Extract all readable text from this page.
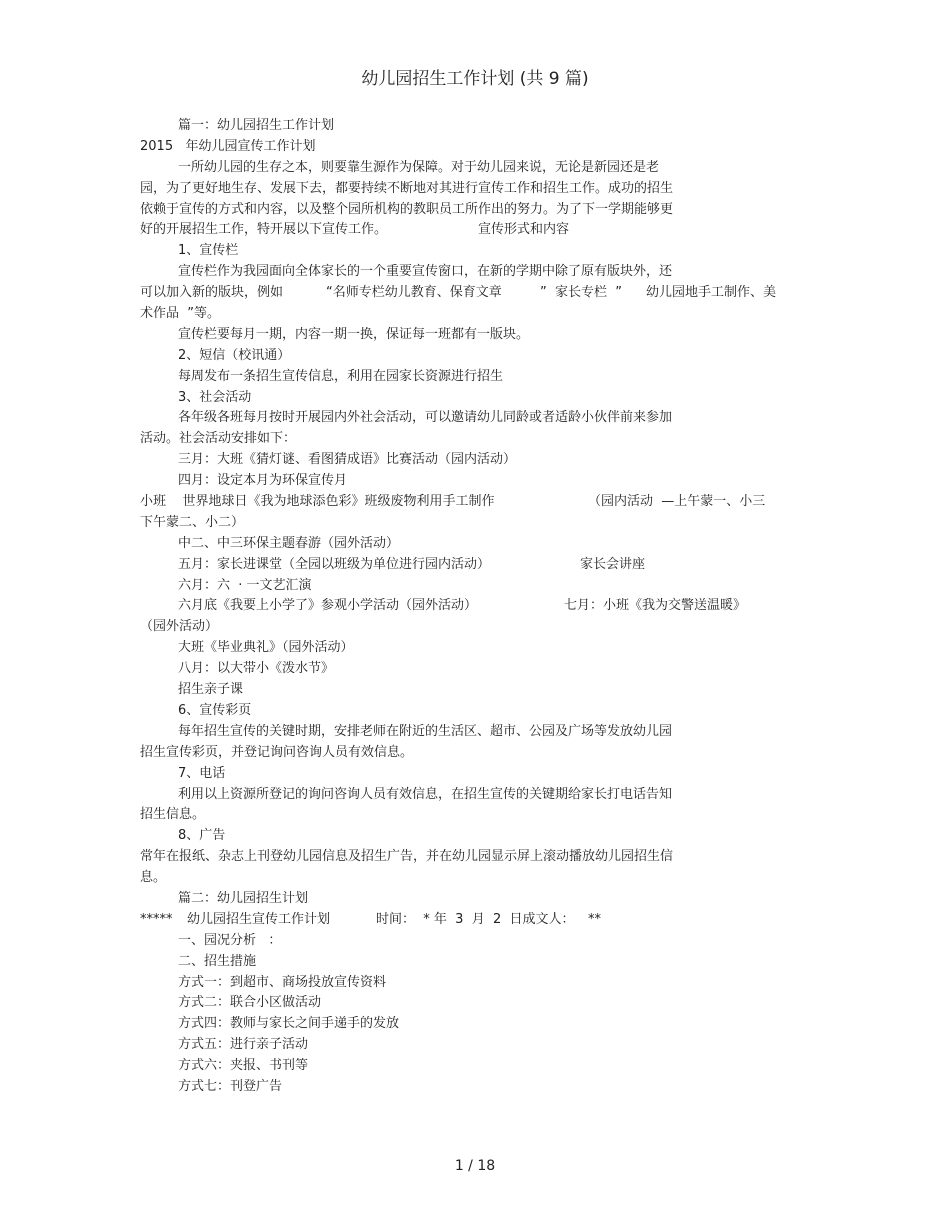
幼儿园招生工作计划 (共 9 篇)
篇一：幼儿园招生工作计划
2015   年幼儿园宣传工作计划
一所幼儿园的生存之本，则要靠生源作为保障。对于幼儿园来说，无论是新园还是老
园，为了更好地生存、发展下去，都要持续不断地对其进行宣传工作和招生工作。成功的招生
依赖于宣传的方式和内容，以及整个园所机构的教职员工所作出的努力。为了下一学期能够更
好的开展招生工作，特开展以下宣传工作。	宣传形式和内容
1、宣传栏
宣传栏作为我园面向全体家长的一个重要宣传窗口，在新的学期中除了原有版块外，还
可以加入新的版块，例如	“名师专栏幼儿教育、保育文章	”  家长专栏  ” 幼儿园地手工制作、美
术作品  ”等。
宣传栏要每月一期，内容一期一换，保证每一班都有一版块。
2、短信（校讯通）
每周发布一条招生宣传信息，利用在园家长资源进行招生
3、社会活动
各年级各班每月按时开展园内外社会活动，可以邀请幼儿同龄或者适龄小伙伴前来参加
活动。社会活动安排如下：
三月：大班《猜灯谜、看图猜成语》比赛活动（园内活动）
四月：设定本月为环保宣传月
小班    世界地球日《我为地球添色彩》班级废物利用手工制作	（园内活动  —上午蒙一、小三
下午蒙二、小二）
中二、中三环保主题春游（园外活动）
五月：家长进课堂（全园以班级为单位进行园内活动）	家长会讲座
六月：六  · 一文艺汇演
六月底《我要上小学了》参观小学活动（园外活动）	七月：小班《我为交警送温暖》
（园外活动）
大班《毕业典礼》（园外活动）
八月：以大带小《泼水节》
招生亲子课
6、宣传彩页
每年招生宣传的关键时期，安排老师在附近的生活区、超市、公园及广场等发放幼儿园
招生宣传彩页，并登记询问咨询人员有效信息。
7、电话
利用以上资源所登记的询问咨询人员有效信息，在招生宣传的关键期给家长打电话告知
招生信息。
8、广告
常年在报纸、杂志上刊登幼儿园信息及招生广告，并在幼儿园显示屏上滚动播放幼儿园招生信
息。
篇二：幼儿园招生计划
***** 幼儿园招生宣传工作计划	时间：  * 年  3  月  2  日成文人： **
一、园况分析   ：
二、招生措施
方式一：到超市、商场投放宣传资料
方式二：联合小区做活动
方式四：教师与家长之间手递手的发放
方式五：进行亲子活动
方式六：夹报、书刊等
方式七：刊登广告
1 / 18
